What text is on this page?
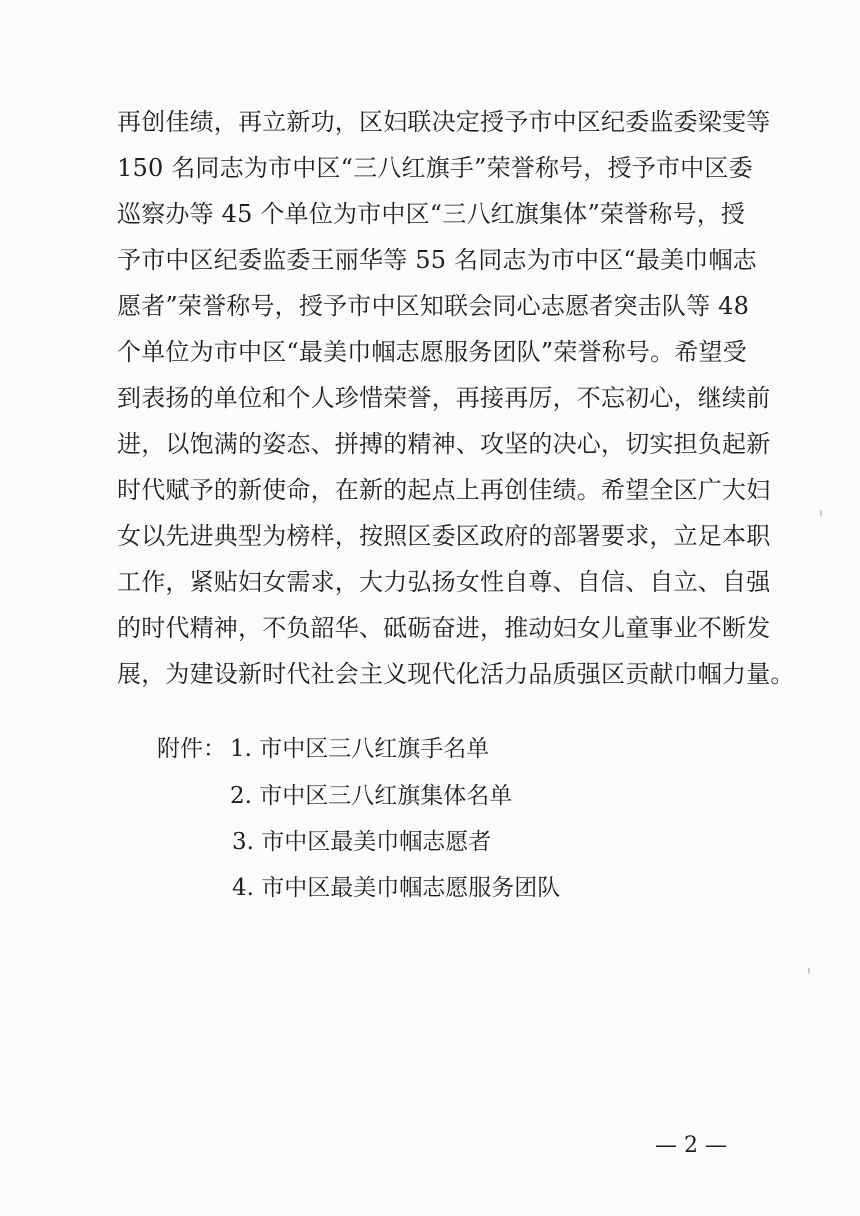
再创佳绩，再立新功，区妇联决定授予市中区纪委监委梁雯等
150 名同志为市中区“三八红旗手”荣誉称号，授予市中区委
巡察办等 45 个单位为市中区“三八红旗集体”荣誉称号，授
予市中区纪委监委王丽华等 55 名同志为市中区“最美巾帼志
愿者”荣誉称号，授予市中区知联会同心志愿者突击队等 48
个单位为市中区“最美巾帼志愿服务团队”荣誉称号。希望受
到表扬的单位和个人珍惜荣誉，再接再厉，不忘初心，继续前
进，以饱满的姿态、拼搏的精神、攻坚的决心，切实担负起新
时代赋予的新使命，在新的起点上再创佳绩。希望全区广大妇
女以先进典型为榜样，按照区委区政府的部署要求，立足本职
工作，紧贴妇女需求，大力弘扬女性自尊、自信、自立、自强
的时代精神，不负韶华、砥砺奋进，推动妇女儿童事业不断发
展，为建设新时代社会主义现代化活力品质强区贡献巾帼力量。
附件： 1. 市中区三八红旗手名单
2. 市中区三八红旗集体名单
3. 市中区最美巾帼志愿者
4. 市中区最美巾帼志愿服务团队
— 2 —
